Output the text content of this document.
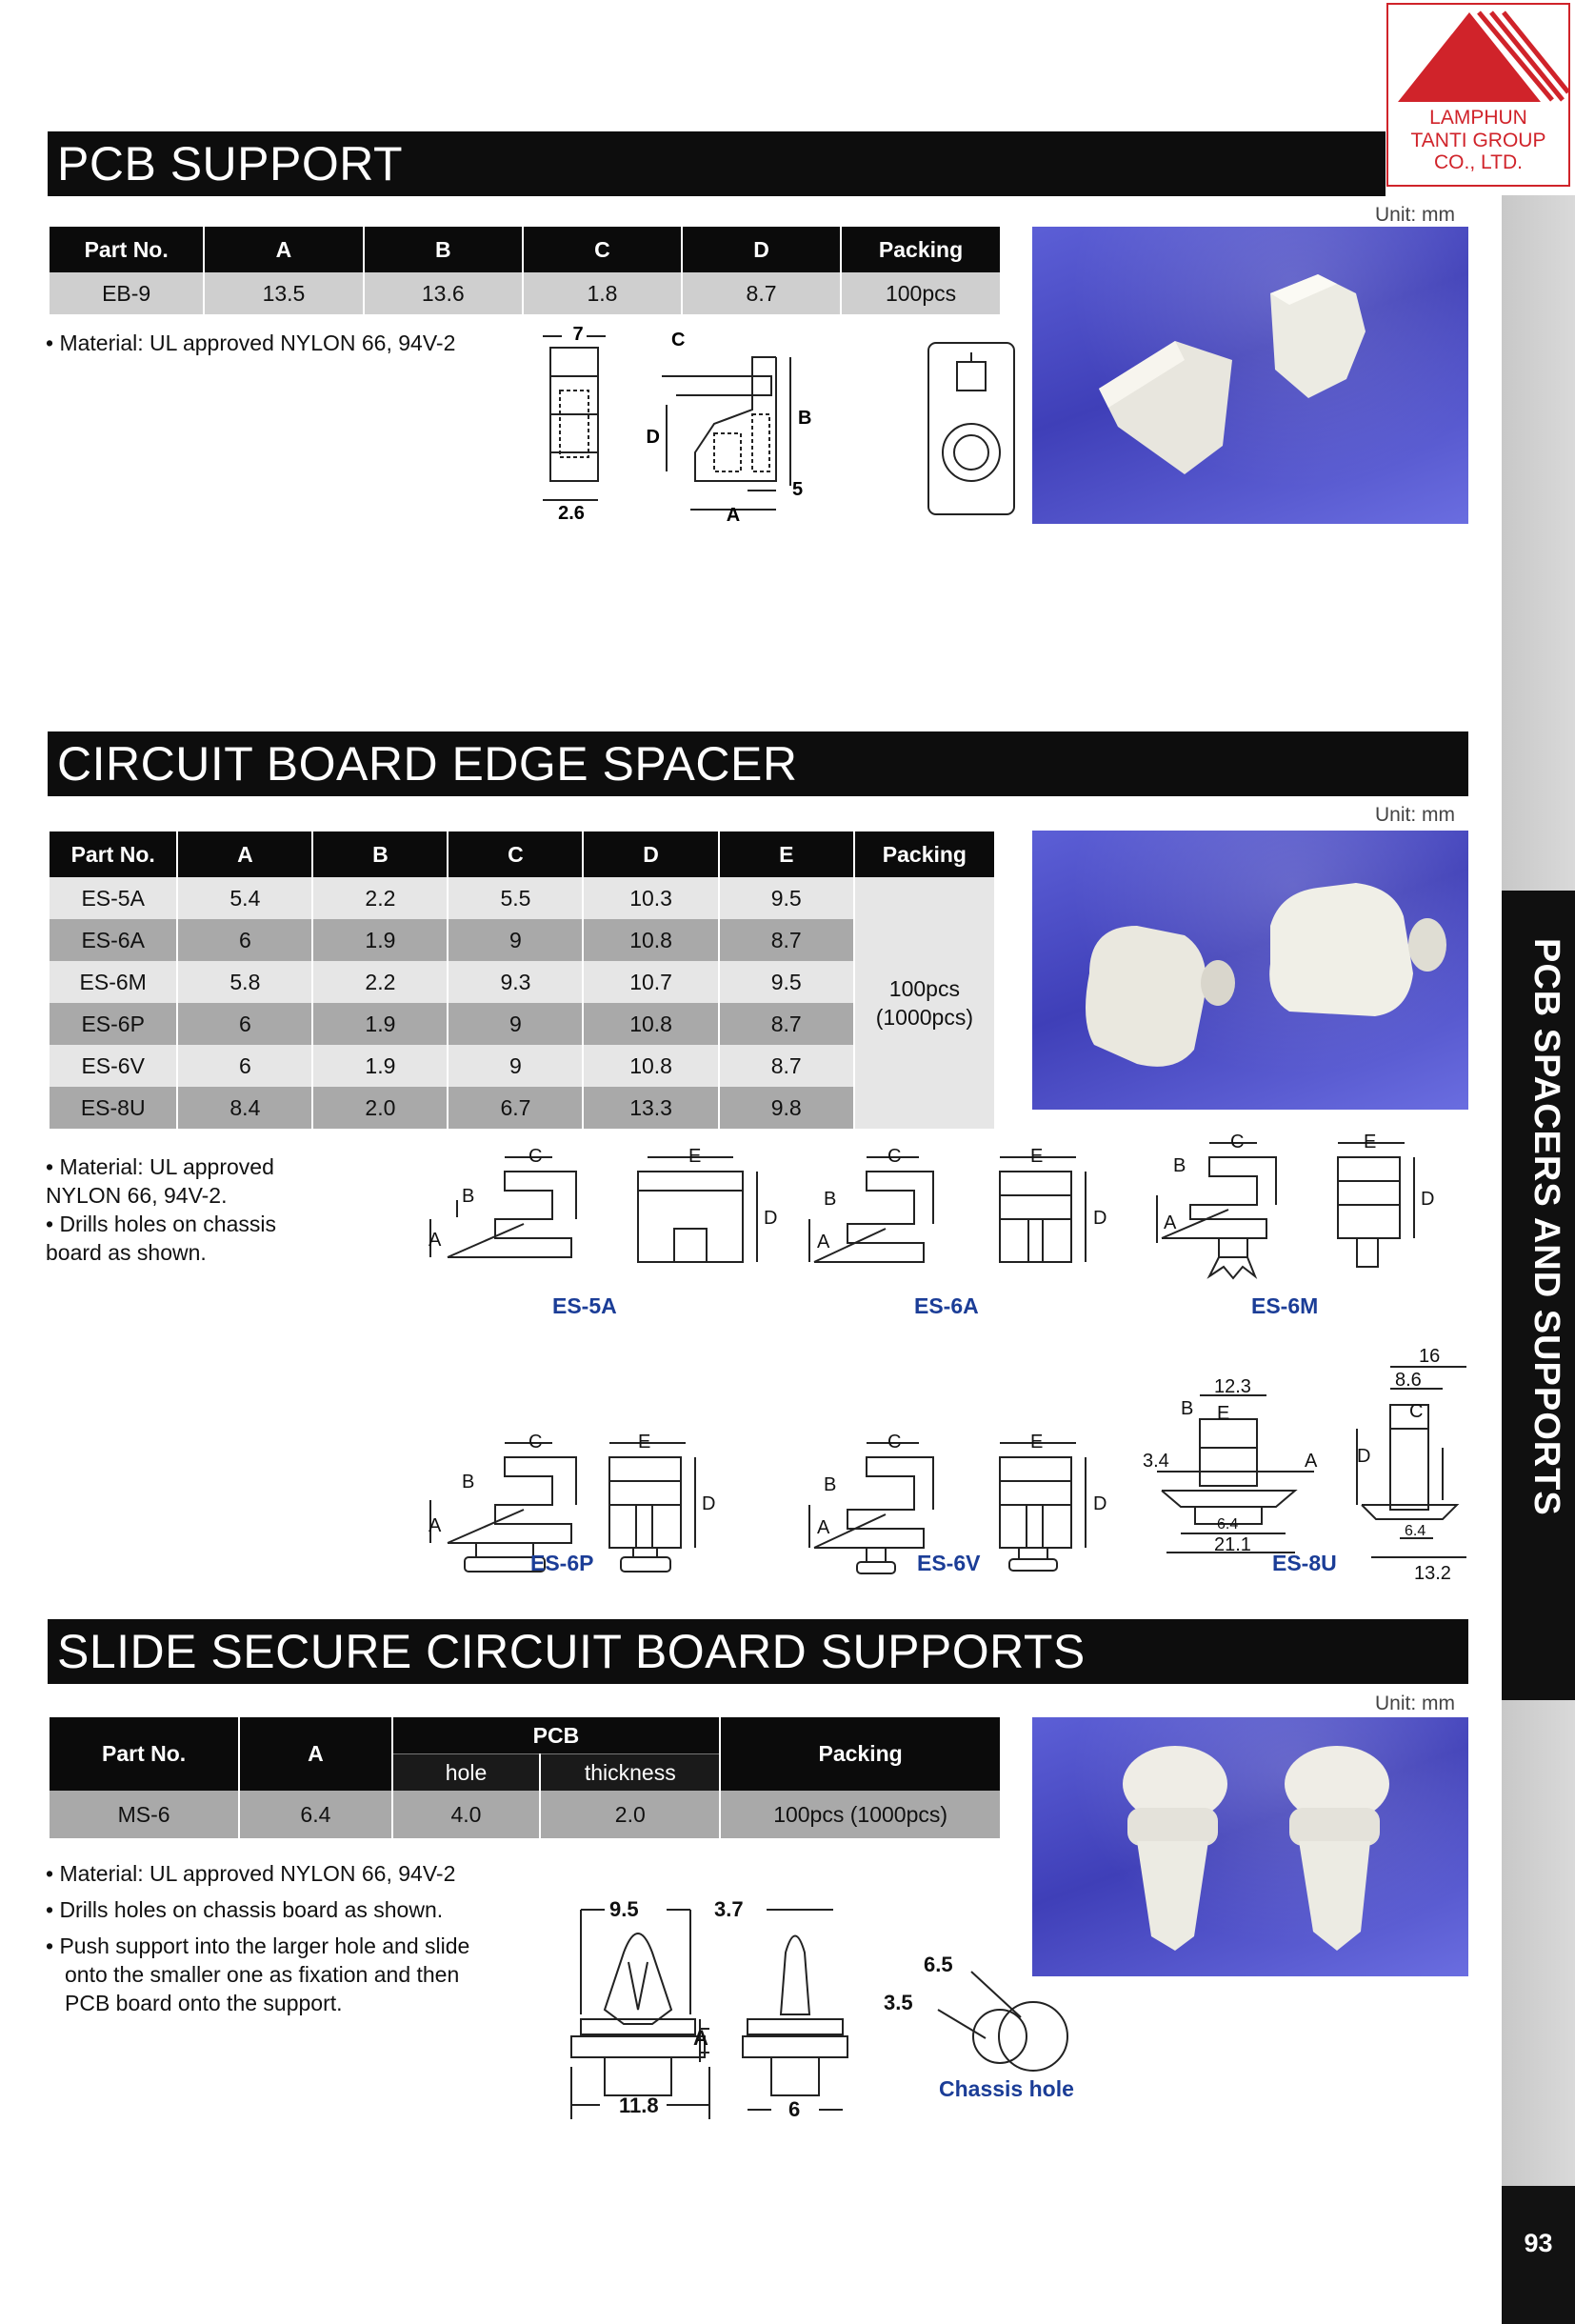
PCB SPACERS AND SUPPORTS
93
LAMPHUN
TANTI GROUP
CO., LTD.
PCB SUPPORT
Unit: mm
Part No.	A	B	C	D	Packing
EB-9	13.5	13.6	1.8	8.7	100pcs
• Material: UL approved NYLON 66, 94V-2	7	C
B
D
2.6
5
A
CIRCUIT BOARD EDGE SPACER
Unit: mm
Part No.	A	B	C	D	E	Packing
ES-5A	5.4	2.2	5.5	10.3	9.5	100pcs
(1000pcs)

ES-6A	6	1.9	9	10.8	8.7	
ES-6M	5.8	2.2	9.3	10.7	9.5	
ES-6P	6	1.9	9	10.8	8.7	
ES-6V	6	1.9	9	10.8	8.7	
ES-8U	8.4	2.0	6.7	13.3	9.8	
• Material: UL approved
NYLON 66, 94V-2.
• Drills holes on chassis
board as shown.
B
A
C	E
D
B
A
C	E
D
B
A
C	E
D
B
A
C	E
D
B
A
C	E
D
12.3
B E
3.4	A
6.4
21.1
16
8.6
C
D
6.4
13.2
ES-5A	ES-6A	ES-6M
ES-6P	ES-6V	ES-8U
SLIDE SECURE CIRCUIT BOARD SUPPORTS
Unit: mm
Part No.	A	PCB		Packing
		hole	thickness	
MS-6	6.4	4.0	2.0	100pcs (1000pcs)
• Material: UL approved NYLON 66, 94V-2
• Drills holes on chassis board as shown.
• Push support into the larger hole and slide
onto the smaller one as fixation and then
PCB board onto the support.
9.5	3.7
A
11.8	6
6.5
3.5
Chassis hole
